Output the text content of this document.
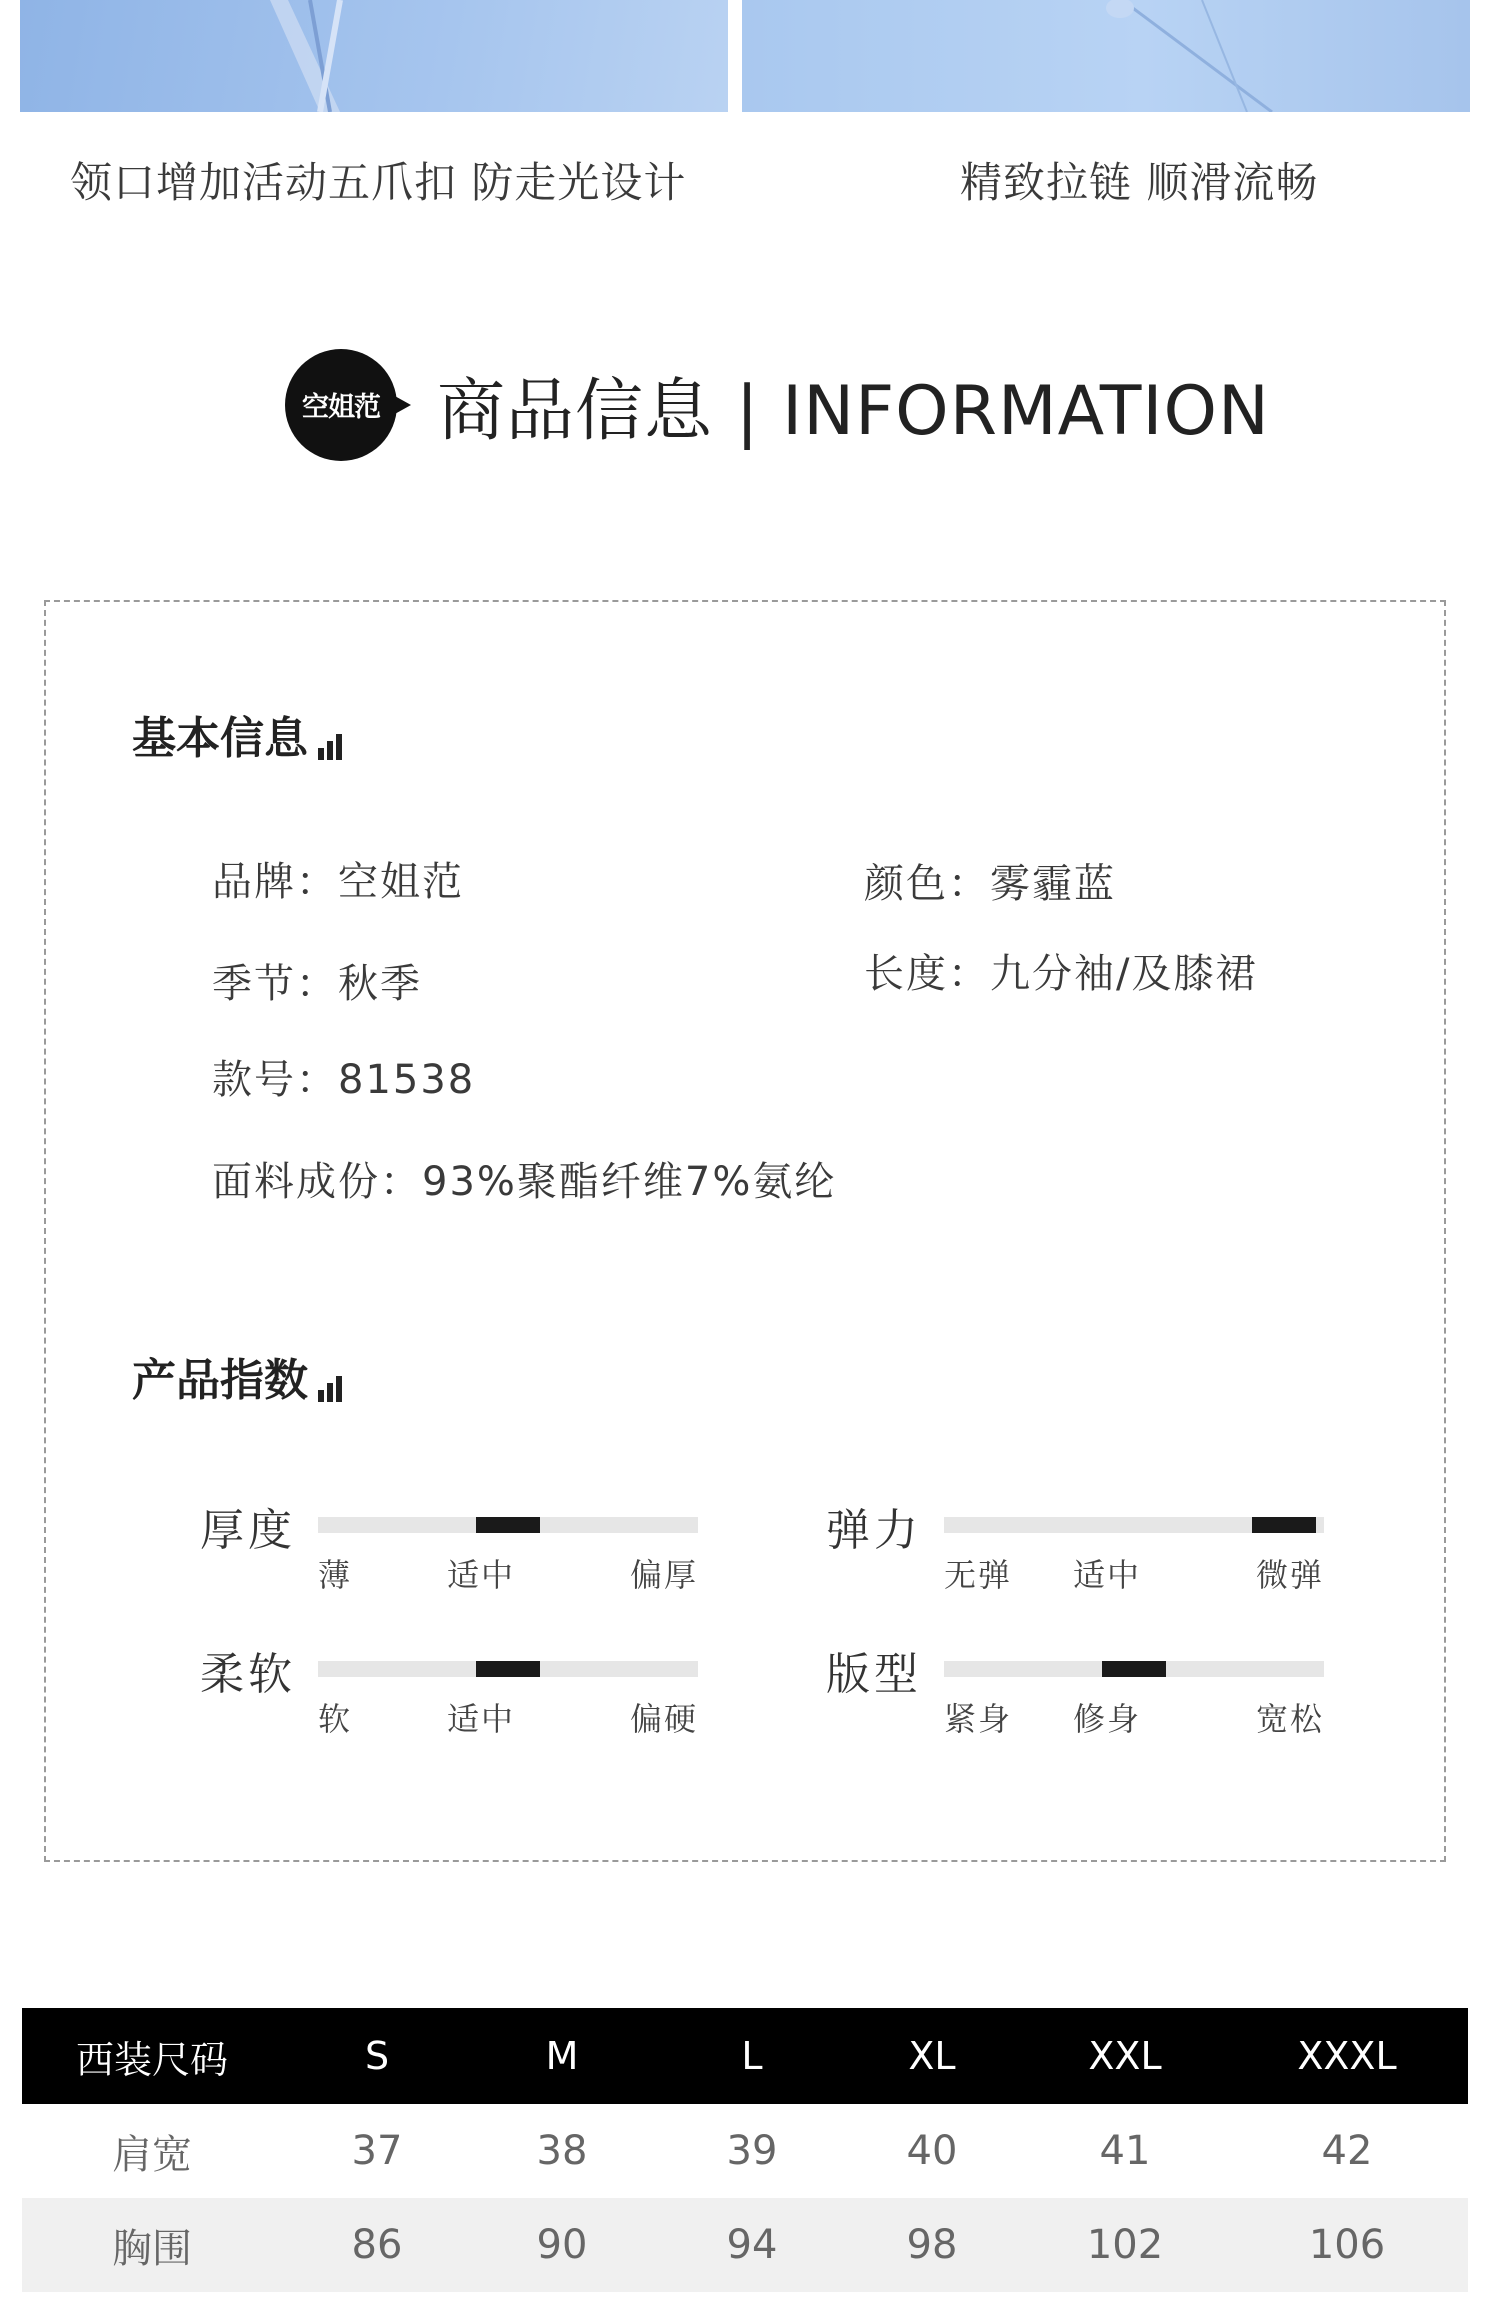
领口增加活动五爪扣 防走光设计	精致拉链 顺滑流畅
空姐范 商品信息 | INFORMATION
基本信息
品牌：空姐范	颜色：雾霾蓝
季节：秋季	长度：九分袖/及膝裙
款号：81538
面料成份：93%聚酯纤维7%氨纶
产品指数
厚度
薄	适中	偏厚
弹力
无弹 适中	微弹
柔软
软	适中	偏硬
版型
紧身 修身	宽松
西装尺码	S	M	L	XL	XXL	XXXL
肩宽	37	38	39	40	41	42
胸围	86	90	94	98	102	106
